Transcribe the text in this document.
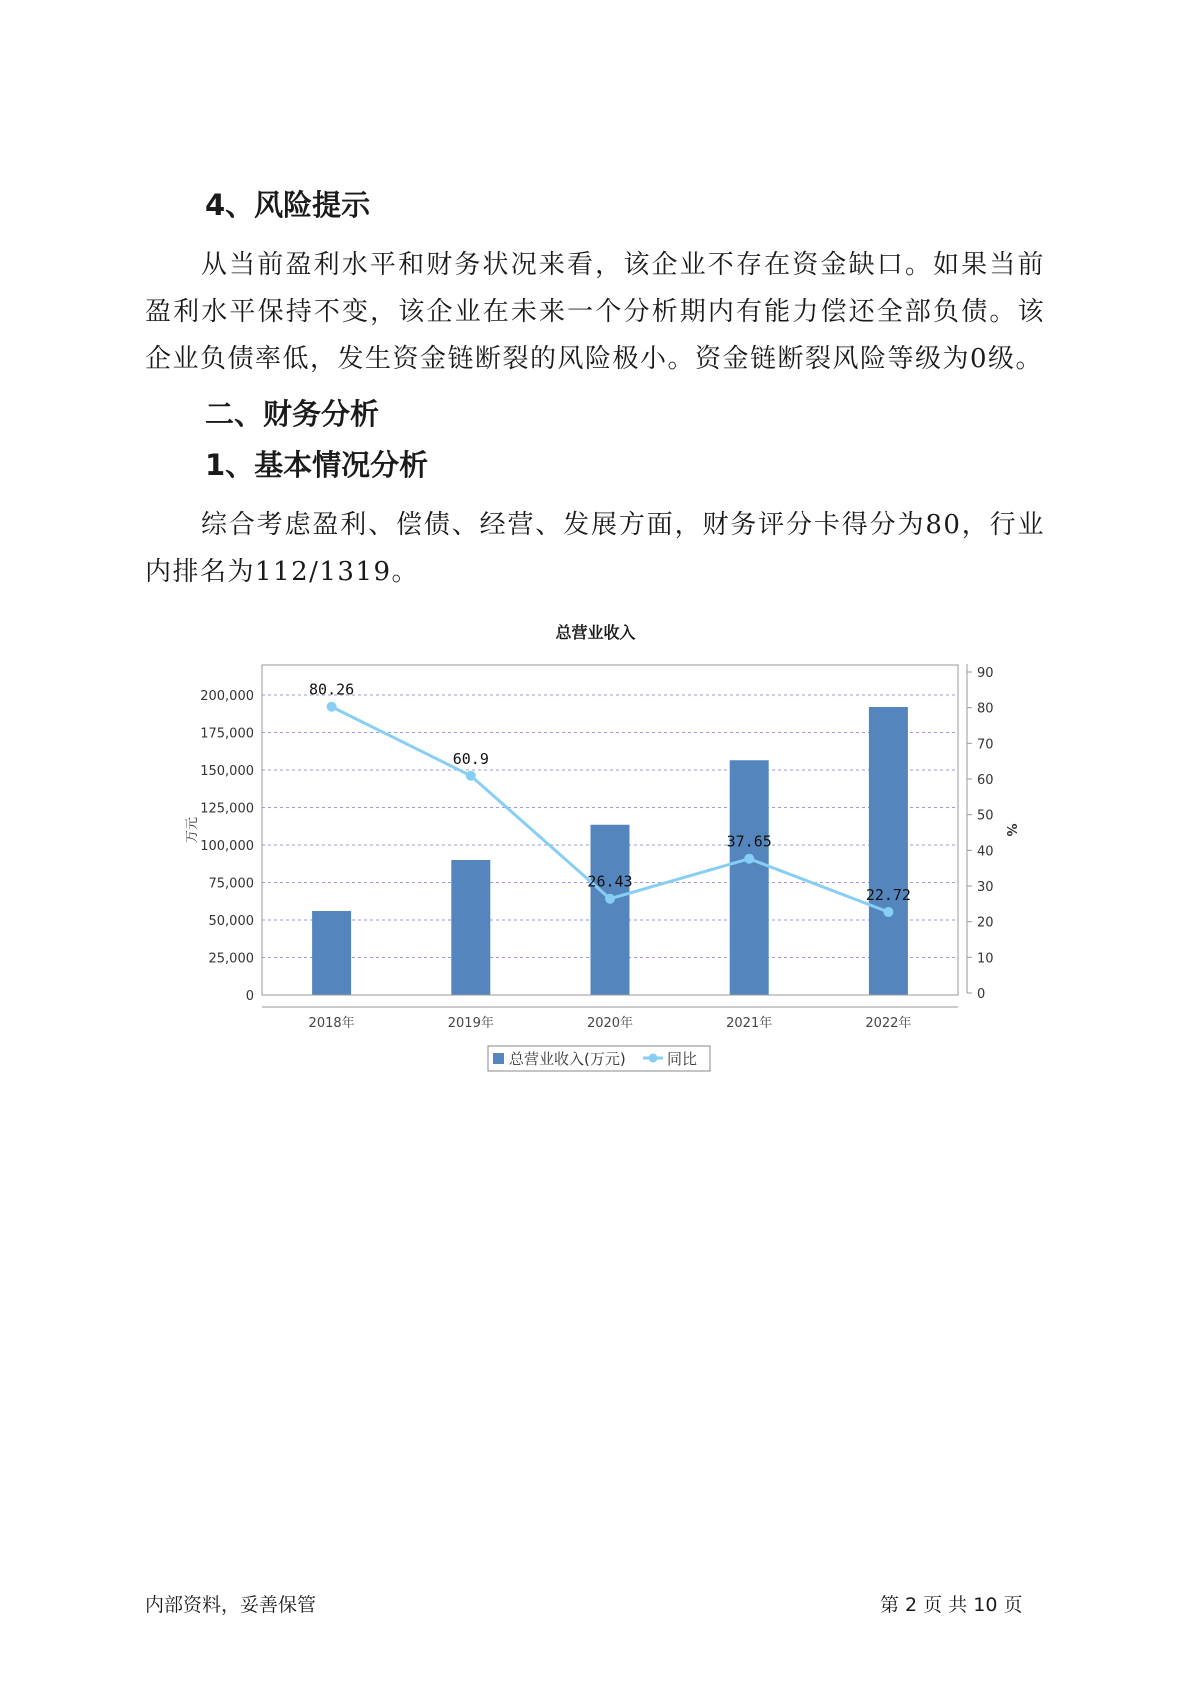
4、风险提示

从当前盈利水平和财务状况来看，该企业不存在资金缺口。如果当前盈利水平保持不变，该企业在未来一个分析期内有能力偿还全部负债。该企业负债率低，发生资金链断裂的风险极小。资金链断裂风险等级为0级。

二、财务分析
1、基本情况分析

综合考虑盈利、偿债、经营、发展方面，财务评分卡得分为80，行业内排名为112/1319。

总营业收入
0
25,000
50,000
75,000
100,000
125,000
150,000
175,000
200,000
0
10
20
30
40
50
60
70
80
90
万元	%
2018年	2019年	2020年	2021年	2022年
80.26
60.9
26.43
37.65
22.72
总营业收入(万元)	同比
内部资料，妥善保管	第 2 页 共 10 页
